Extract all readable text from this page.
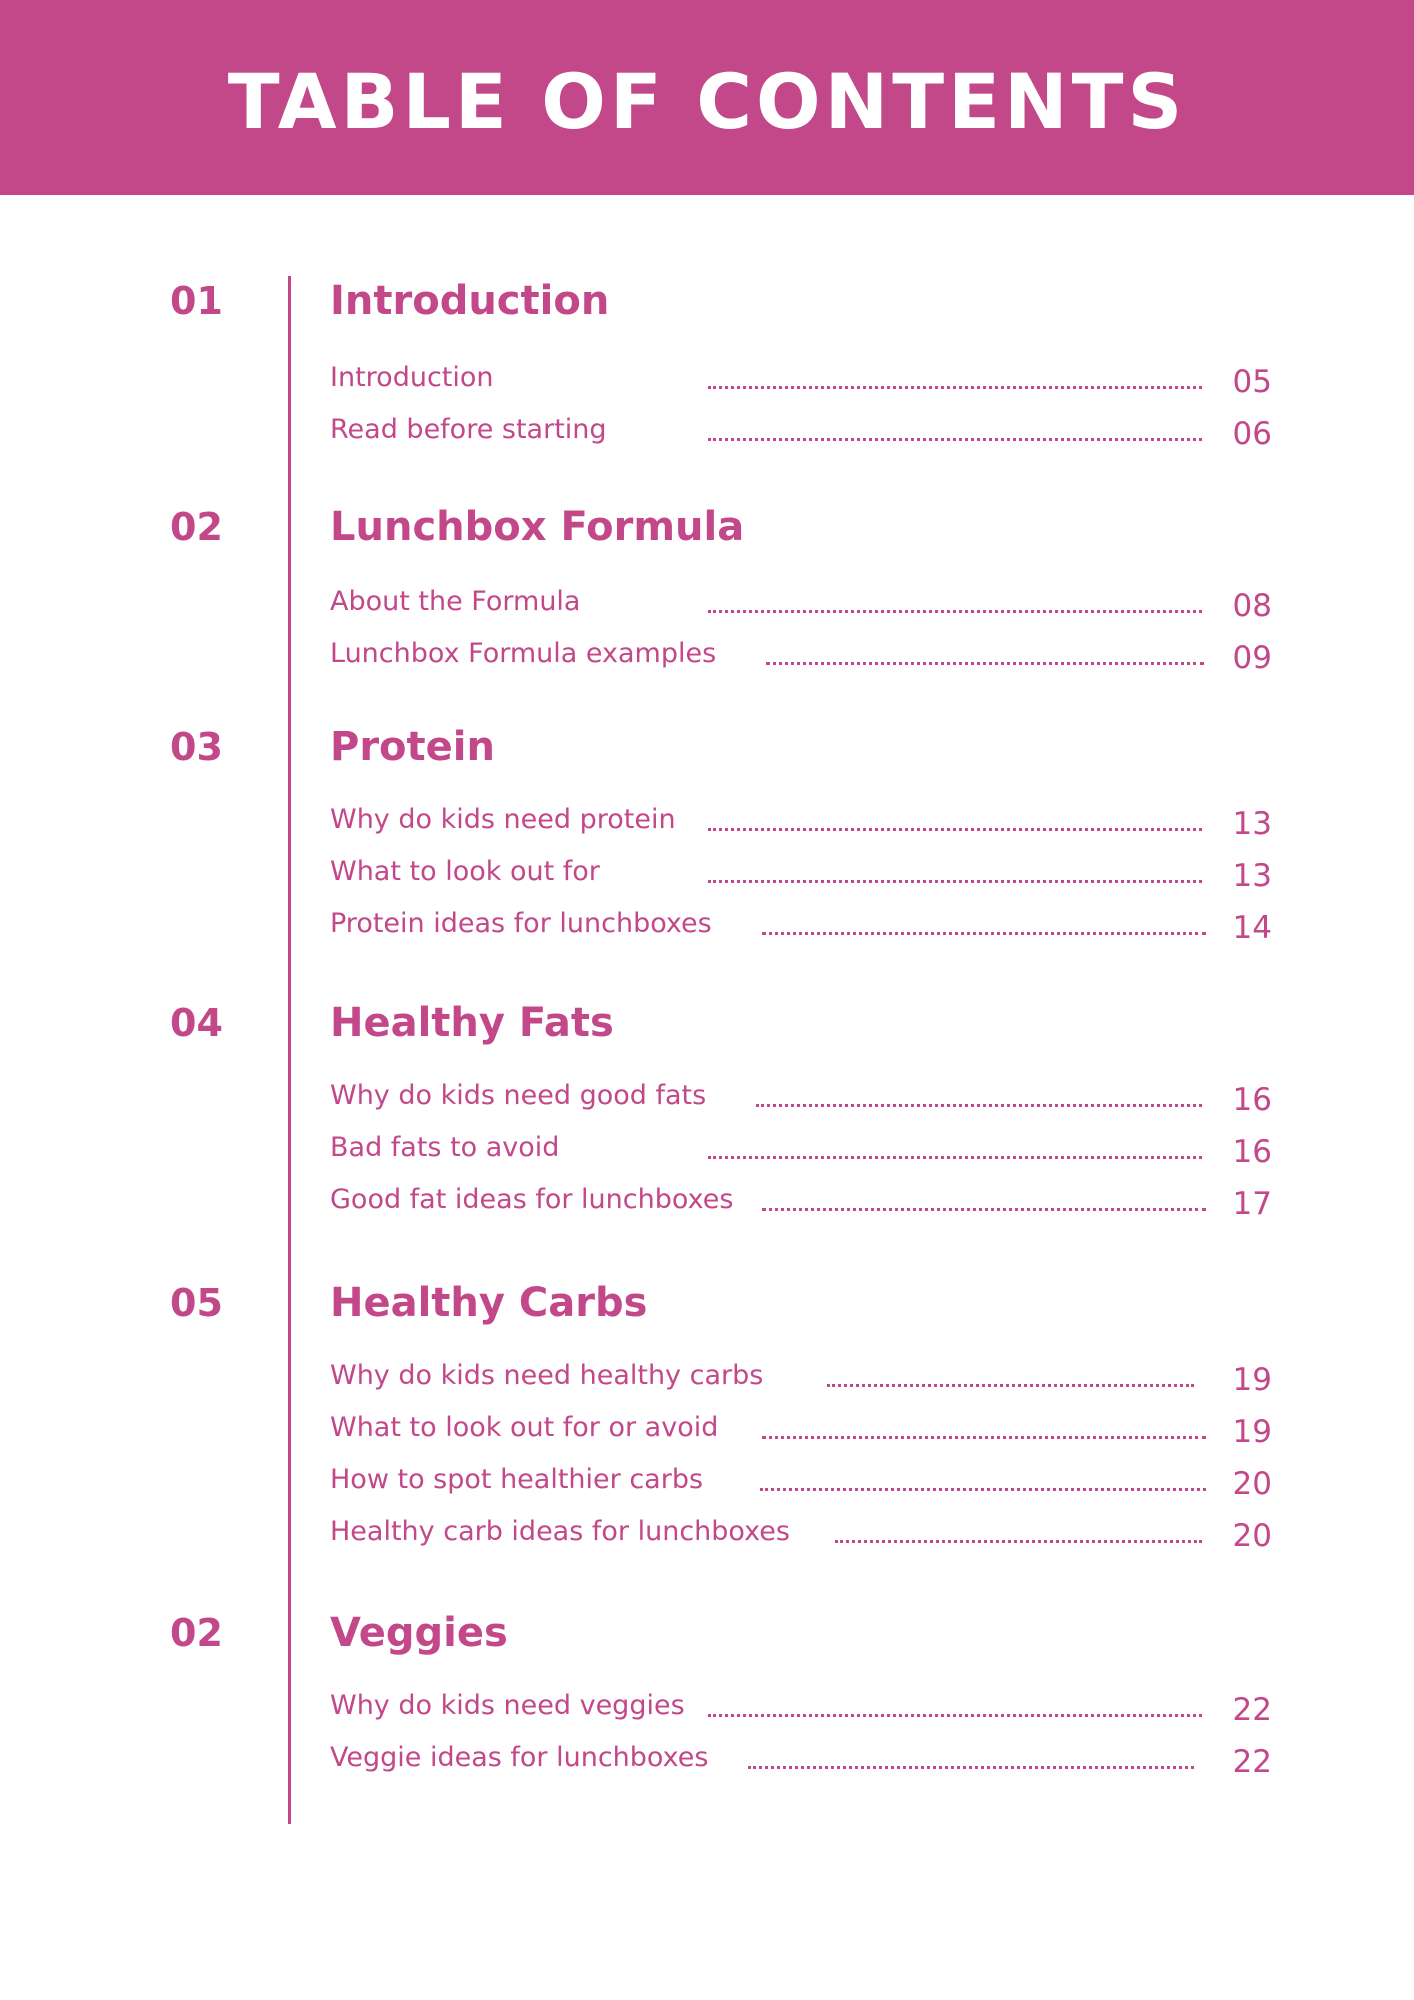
TABLE OF CONTENTS
01	Introduction
Introduction	05
Read before starting	06
02	Lunchbox Formula
About the Formula	08
Lunchbox Formula examples	09
03	Protein
Why do kids need protein	13
What to look out for	13
Protein ideas for lunchboxes	14
04	Healthy Fats
Why do kids need good fats	16
Bad fats to avoid	16
Good fat ideas for lunchboxes	17
05	Healthy Carbs
Why do kids need healthy carbs	19
What to look out for or avoid	19
How to spot healthier carbs	20
Healthy carb ideas for lunchboxes	20
02	Veggies
Why do kids need veggies	22
Veggie ideas for lunchboxes	22
